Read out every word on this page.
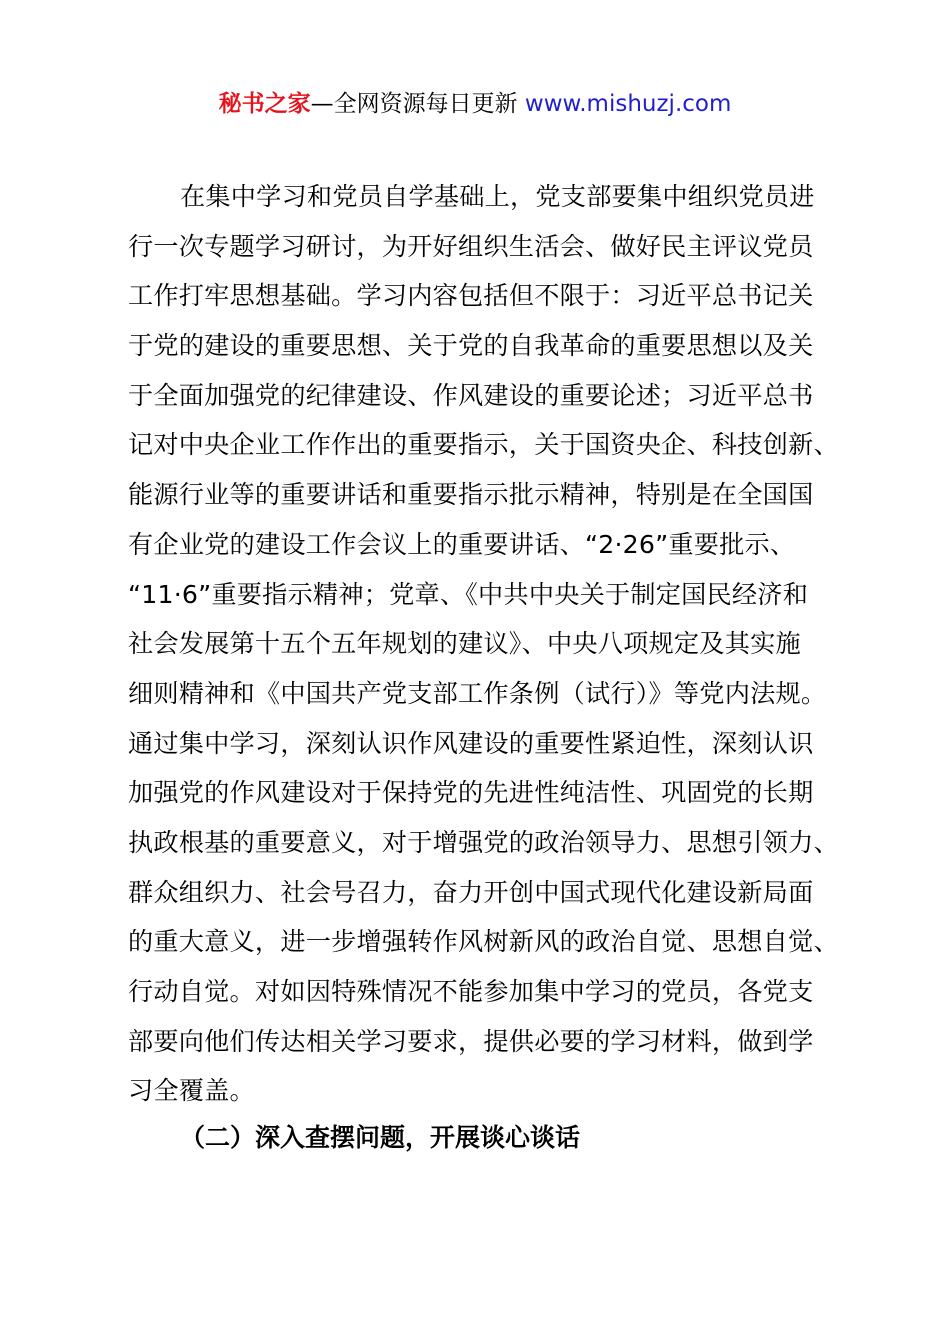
秘书之家—全网资源每日更新 www.mishuzj.com
在集中学习和党员自学基础上，党支部要集中组织党员进
行一次专题学习研讨，为开好组织生活会、做好民主评议党员
工作打牢思想基础。学习内容包括但不限于：习近平总书记关
于党的建设的重要思想、关于党的自我革命的重要思想以及关
于全面加强党的纪律建设、作风建设的重要论述；习近平总书
记对中央企业工作作出的重要指示，关于国资央企、科技创新、
能源行业等的重要讲话和重要指示批示精神，特别是在全国国
有企业党的建设工作会议上的重要讲话、“2·26”重要批示、
“11·6”重要指示精神；党章、《中共中央关于制定国民经济和
社会发展第十五个五年规划的建议》、中央八项规定及其实施
细则精神和《中国共产党支部工作条例（试行）》等党内法规。
通过集中学习，深刻认识作风建设的重要性紧迫性，深刻认识
加强党的作风建设对于保持党的先进性纯洁性、巩固党的长期
执政根基的重要意义，对于增强党的政治领导力、思想引领力、
群众组织力、社会号召力，奋力开创中国式现代化建设新局面
的重大意义，进一步增强转作风树新风的政治自觉、思想自觉、
行动自觉。对如因特殊情况不能参加集中学习的党员，各党支
部要向他们传达相关学习要求，提供必要的学习材料，做到学
习全覆盖。
（二）深入查摆问题，开展谈心谈话
